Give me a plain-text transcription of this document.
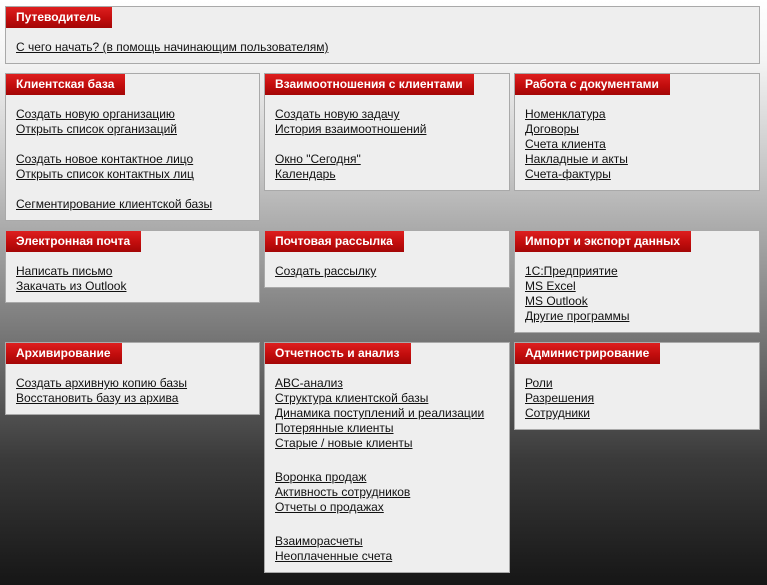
Путеводитель
С чего начать? (в помощь начинающим пользователям)
Клиентская база
Создать новую организацию
Открыть список организаций
Создать новое контактное лицо
Открыть список контактных лиц
Сегментирование клиентской базы
Взаимоотношения с клиентами
Создать новую задачу
История взаимоотношений
Окно "Сегодня"
Календарь
Работа с документами
Номенклатура
Договоры
Счета клиента
Накладные и акты
Счета-фактуры
Электронная почта
Написать письмо
Закачать из Outlook
Почтовая рассылка
Создать рассылку
Импорт и экспорт данных
1С:Предприятие
MS Excel
MS Outlook
Другие программы
Архивирование
Создать архивную копию базы
Восстановить базу из архива
Отчетность и анализ
ABC-анализ
Структура клиентской базы
Динамика поступлений и реализации
Потерянные клиенты
Старые / новые клиенты
Воронка продаж
Активность сотрудников
Отчеты о продажах
Взаиморасчеты
Неоплаченные счета
Администрирование
Роли
Разрешения
Сотрудники
